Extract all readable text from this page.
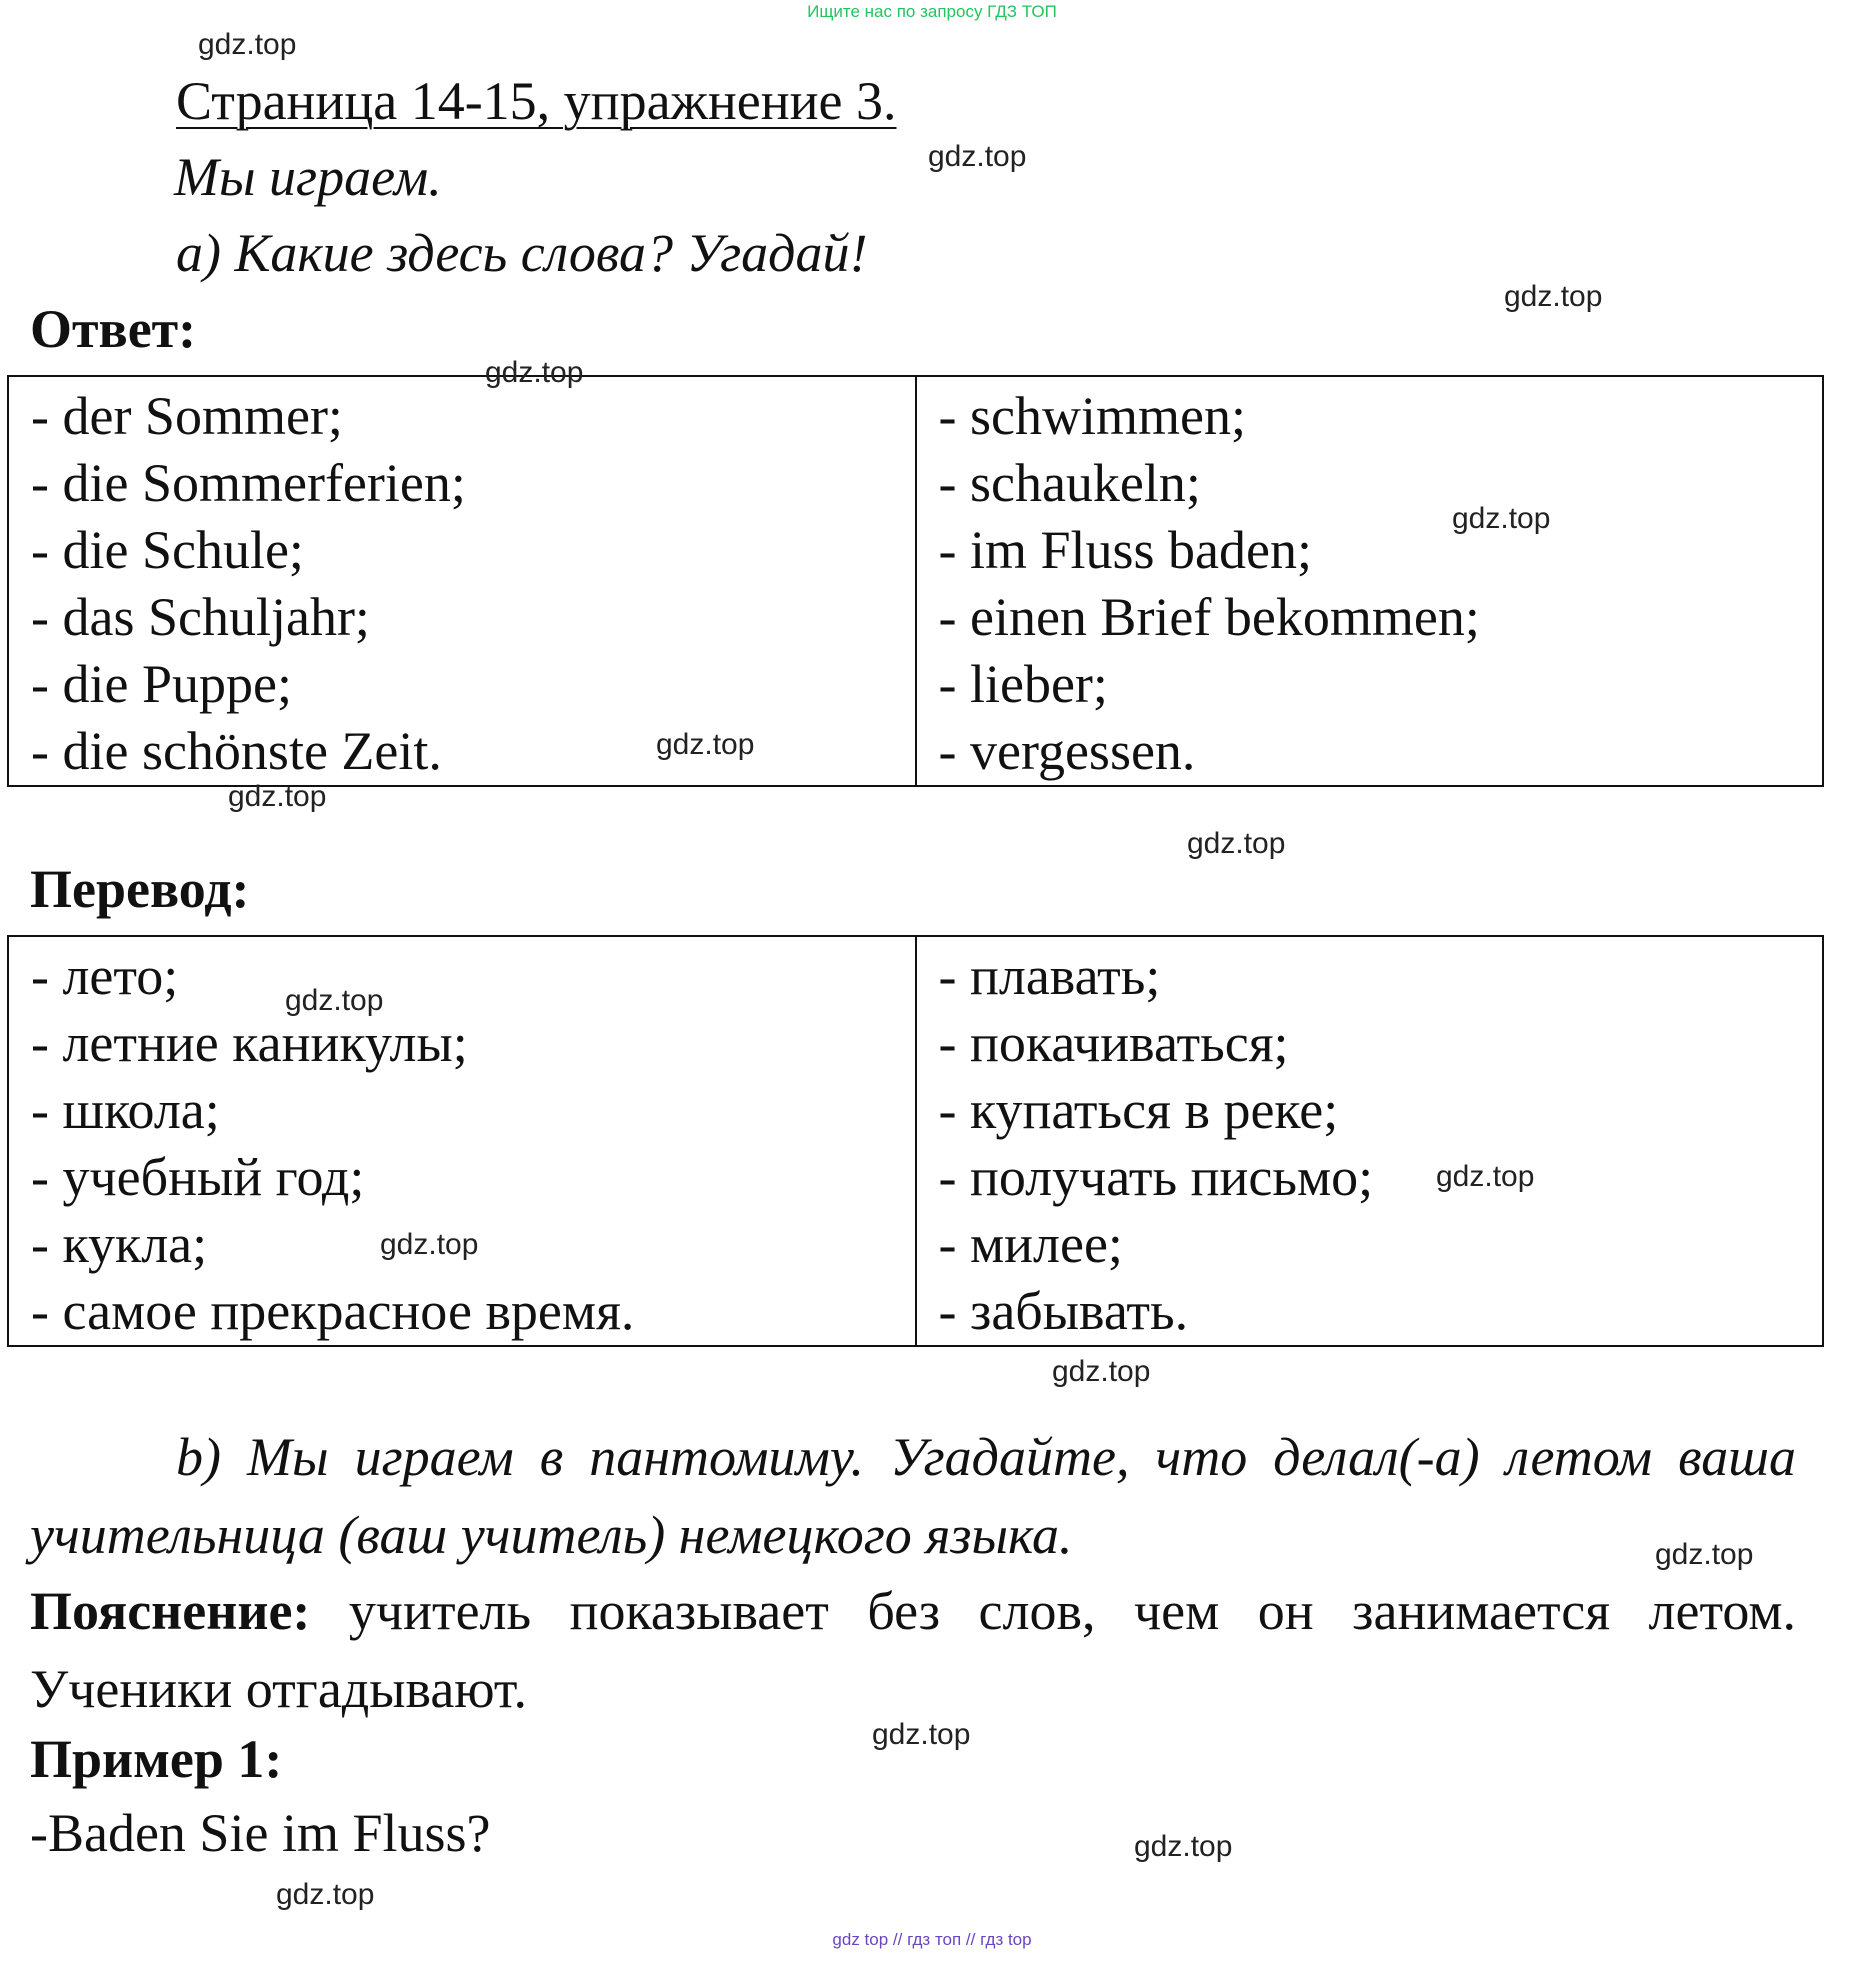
Ищите нас по запросу ГДЗ ТОП
Страница 14-15, упражнение 3.
Мы играем.
а) Какие здесь слова? Угадай!
Ответ:
- der Sommer;
- die Sommerferien;
- die Schule;
- das Schuljahr;
- die Puppe;
- die schönste Zeit.

- schwimmen;
- schaukeln;
- im Fluss baden;
- einen Brief bekommen;
- lieber;
- vergessen.
Перевод:
- лето;
- летние каникулы;
- школа;
- учебный год;
- кукла;
- самое прекрасное время.

- плавать;
- покачиваться;
- купаться в реке;
- получать письмо;
- милее;
- забывать.
b) Мы играем в пантомиму. Угадайте, что делал(-а) летом ваша учительница (ваш учитель) немецкого языка.
Пояснение: учитель показывает без слов, чем он занимается летом. Ученики отгадывают.
Пример 1:
-Baden Sie im Fluss?
gdz.top
gdz.top
gdz.top
gdz.top
gdz.top
gdz.top
gdz.top
gdz.top
gdz.top
gdz.top
gdz.top
gdz.top
gdz.top
gdz.top
gdz.top
gdz.top
gdz top // гдз топ // гдз top
